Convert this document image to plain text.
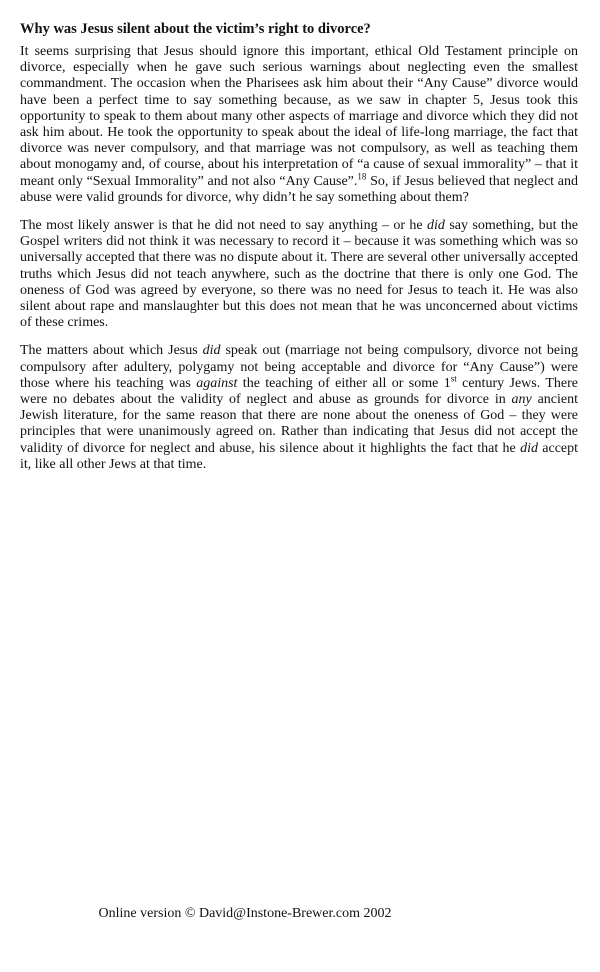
Why was Jesus silent about the victim’s right to divorce?

It seems surprising that Jesus should ignore this important, ethical Old Testament principle on divorce, especially when he gave such serious warnings about neglecting even the smallest commandment. The occasion when the Pharisees ask him about their “Any Cause” divorce would have been a perfect time to say something because, as we saw in chapter 5, Jesus took this opportunity to speak to them about many other aspects of marriage and divorce which they did not ask him about. He took the opportunity to speak about the ideal of life-long marriage, the fact that divorce was never compulsory, and that marriage was not compulsory, as well as teaching them about monogamy and, of course, about his interpretation of “a cause of sexual immorality” – that it meant only “Sexual Immorality” and not also “Any Cause”.$^{18}$ So, if Jesus believed that neglect and abuse were valid grounds for divorce, why didn’t he say something about them?

The most likely answer is that he did not need to say anything – or he did say something, but the Gospel writers did not think it was necessary to record it – because it was something which was so universally accepted that there was no dispute about it. There are several other universally accepted truths which Jesus did not teach anywhere, such as the doctrine that there is only one God. The oneness of God was agreed by everyone, so there was no need for Jesus to teach it. He was also silent about rape and manslaughter but this does not mean that he was unconcerned about victims of these crimes.

The matters about which Jesus did speak out (marriage not being compulsory, divorce not being compulsory after adultery, polygamy not being acceptable and divorce for “Any Cause”) were those where his teaching was against the teaching of either all or some 1st century Jews. There were no debates about the validity of neglect and abuse as grounds for divorce in any ancient Jewish literature, for the same reason that there are none about the oneness of God – they were principles that were unanimously agreed on. Rather than indicating that Jesus did not accept the validity of divorce for neglect and abuse, his silence about it highlights the fact that he did accept it, like all other Jews at that time.

Online version © David@Instone-Brewer.com 2002
